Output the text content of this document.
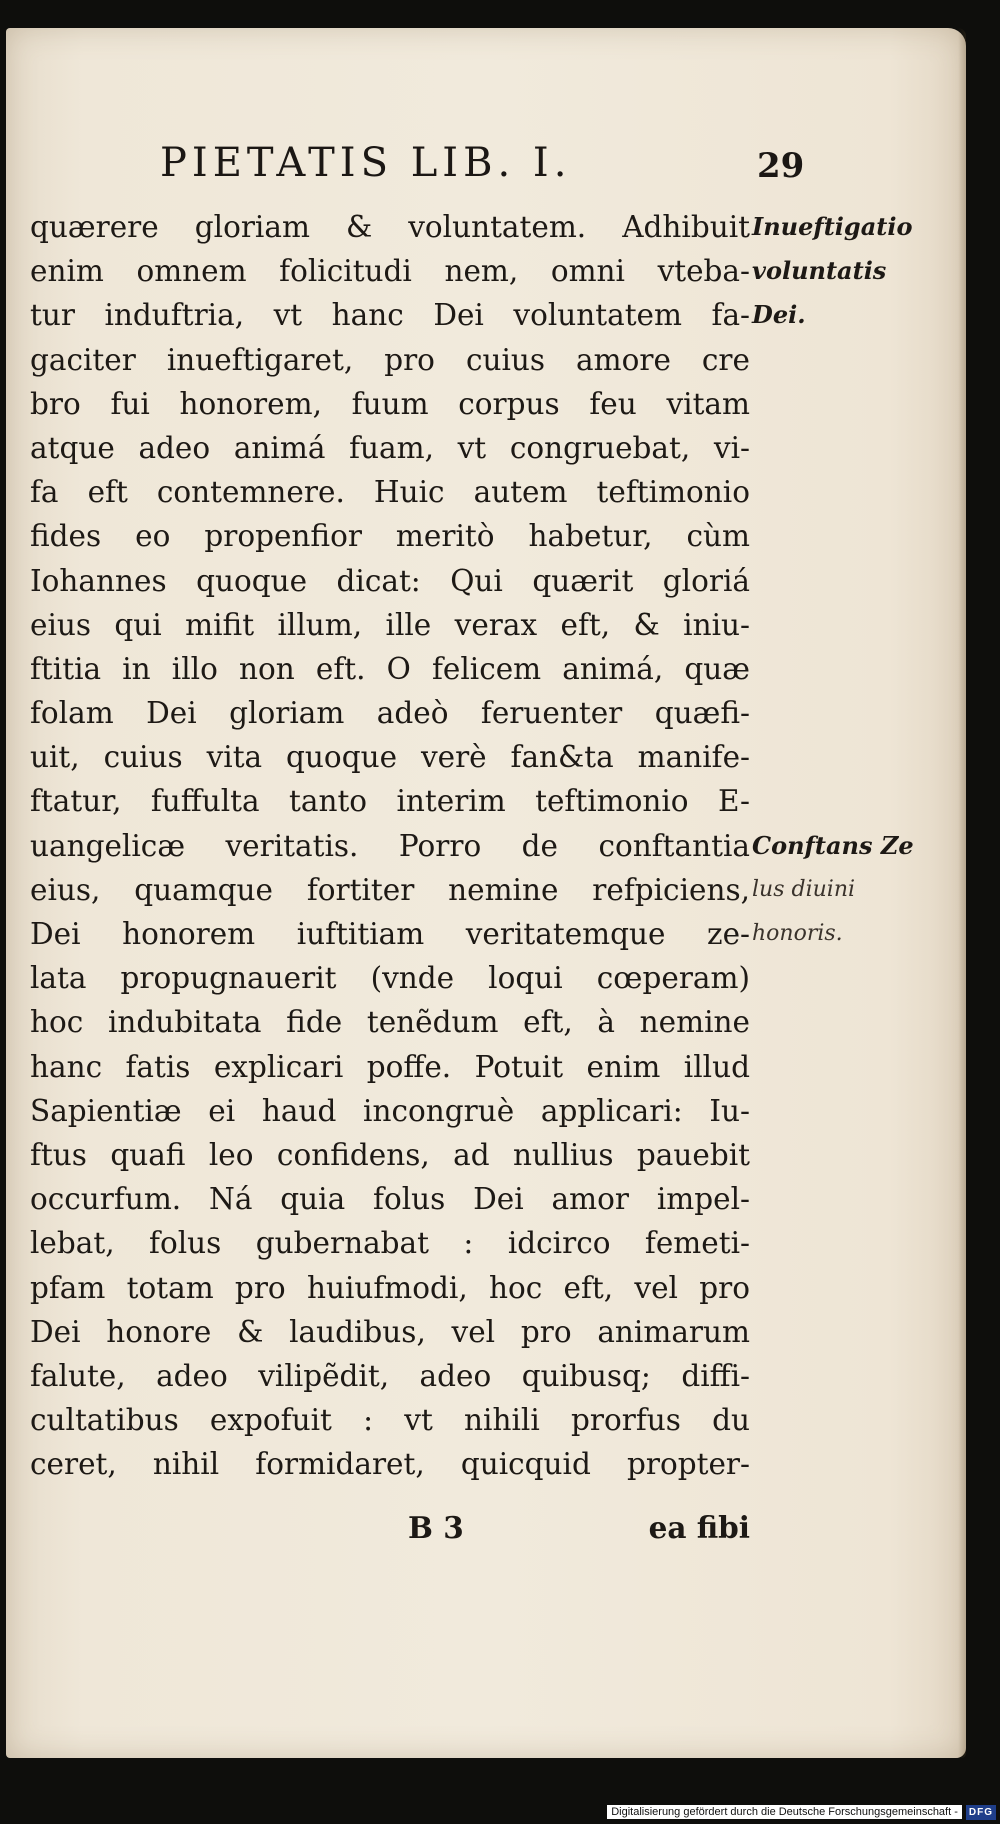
PIETATIS LIB. I.	29
quærere gloriam & voluntatem. Adhibuit
enim omnem folicitudi nem, omni vteba-
tur induftria, vt hanc Dei voluntatem fa-
gaciter inueftigaret, pro cuius amore cre
bro fui honorem, fuum corpus feu vitam
atque adeo animá fuam, vt congruebat, vi-
fa eft contemnere. Huic autem teftimonio
fides eo propenfior meritò habetur, cùm
Iohannes quoque dicat: Qui quærit gloriá
eius qui mifit illum, ille verax eft, & iniu-
ftitia in illo non eft. O felicem animá, quæ
folam Dei gloriam adeò feruenter quæfi-
uit, cuius vita quoque verè fan&ta manife-
ftatur, fuffulta tanto interim teftimonio E-
uangelicæ veritatis. Porro de conftantia
eius, quamque fortiter nemine refpiciens,
Dei honorem iuftitiam veritatemque ze-
lata propugnauerit (vnde loqui cœperam)
hoc indubitata fide tenẽdum eft, à nemine
hanc fatis explicari poffe. Potuit enim illud
Sapientiæ ei haud incongruè applicari: Iu-
ftus quafi leo confidens, ad nullius pauebit
occurfum. Ná quia folus Dei amor impel-
lebat, folus gubernabat : idcirco femeti-
pfam totam pro huiufmodi, hoc eft, vel pro
Dei honore & laudibus, vel pro animarum
falute, adeo vilipẽdit, adeo quibusq; diffi-
cultatibus expofuit : vt nihili prorfus du
ceret, nihil formidaret, quicquid propter-
Inueftigatio
voluntatis
Dei.
Conftans Ze
lus diuini
honoris.
B 3	ea fibi
Digitalisierung gefördert durch die Deutsche Forschungsgemeinschaft -	DFG
